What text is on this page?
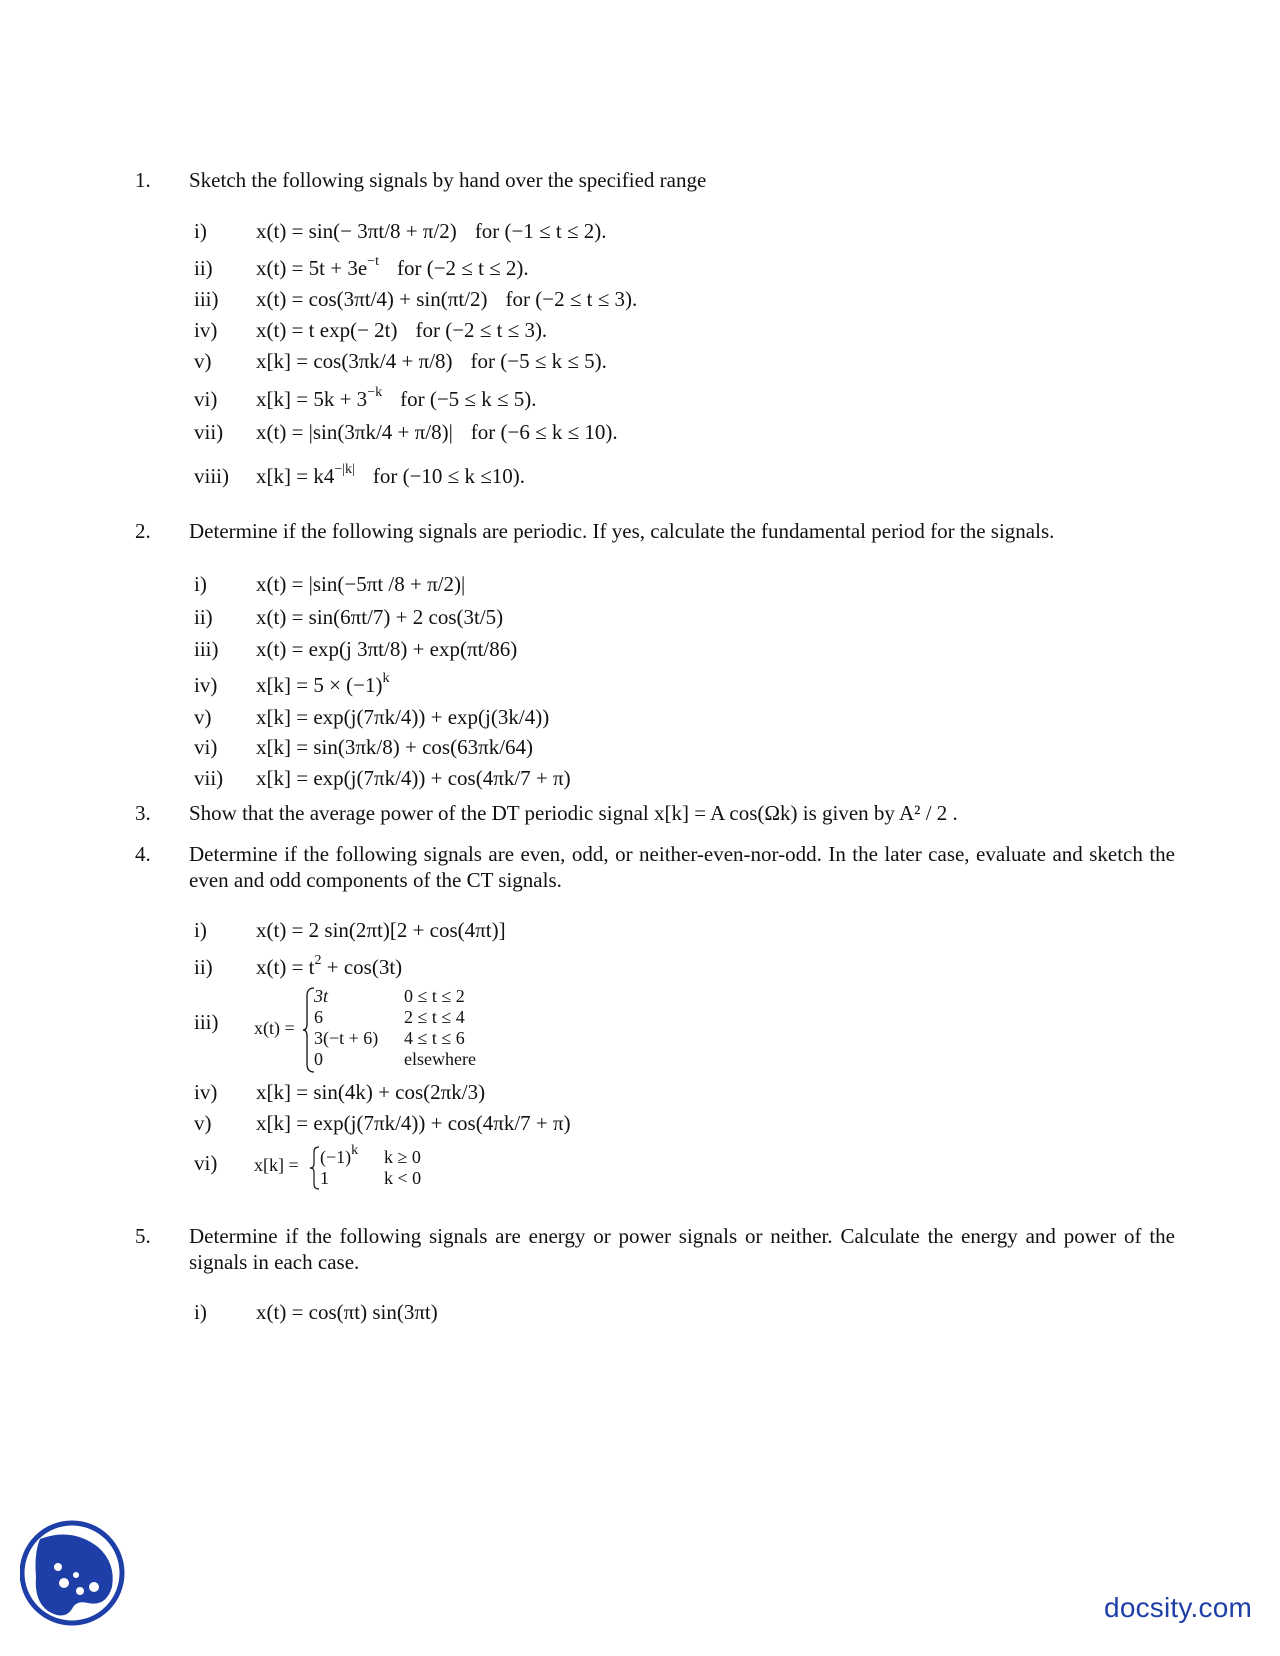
1. Sketch the following signals by hand over the specified range
i) x(t) = sin(− 3πt/8 + π/2) for (−1 ≤ t ≤ 2).
ii) $x(t) = 5t + 3e^{-t}$ for (−2 ≤ t ≤ 2).
iii) x(t) = cos(3πt/4) + sin(πt/2) for (−2 ≤ t ≤ 3).
iv) x(t) = t exp(− 2t) for (−2 ≤ t ≤ 3).
v) x[k] = cos(3πk/4 + π/8) for (−5 ≤ k ≤ 5).
vi) $x[k] = 5k + 3^{-k}$ for (−5 ≤ k ≤ 5).
vii) x(t) = |sin(3πk/4 + π/8)| for (−6 ≤ k ≤ 10).
viii) $x[k] = k4^{-|k|}$ for (−10 ≤ k ≤10).
2. Determine if the following signals are periodic. If yes, calculate the fundamental period for the signals.
i) x(t) = |sin(−5πt /8 + π/2)|
ii) x(t) = sin(6πt/7) + 2 cos(3t/5)
iii) x(t) = exp(j 3πt/8) + exp(πt/86)
iv) $x[k] = 5 \times (-1)^k$
v) x[k] = exp(j(7πk/4)) + exp(j(3k/4))
vi) x[k] = sin(3πk/8) + cos(63πk/64)
vii) x[k] = exp(j(7πk/4)) + cos(4πk/7 + π)
3. Show that the average power of the DT periodic signal x[k] = A cos(Ωk) is given by A² / 2 .
4. Determine if the following signals are even, odd, or neither-even-nor-odd. In the later case, evaluate and sketch the even and odd components of the CT signals.
i) x(t) = 2 sin(2πt)[2 + cos(4πt)]
ii) $x(t) = t^2 + \cos(3t)$
iii) x(t) =
3t	0 ≤ t ≤ 2
6	2 ≤ t ≤ 4
3(−t + 6) 4 ≤ t ≤ 6
0	elsewhere
iv) x[k] = sin(4k) + cos(2πk/3)
v) x[k] = exp(j(7πk/4)) + cos(4πk/7 + π)
vi) $x[k] = (-1)^k$ k ≥ 0
1	k < 0
5. Determine if the following signals are energy or power signals or neither. Calculate the energy and power of the signals in each case.
i) x(t) = cos(πt) sin(3πt)
docsity.com
